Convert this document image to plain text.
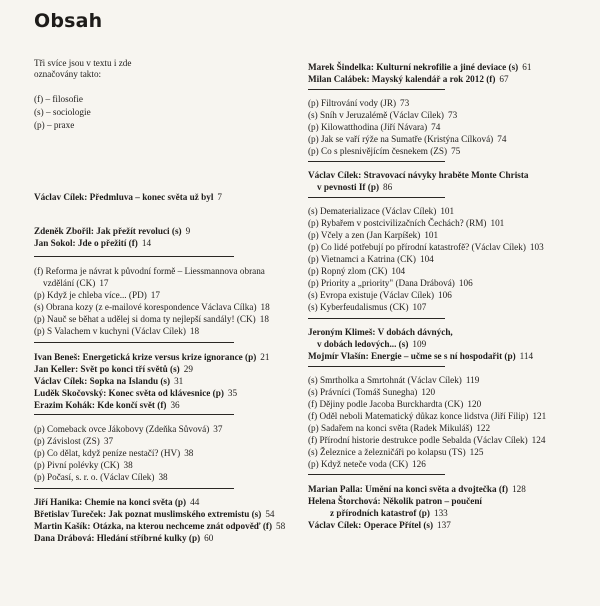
Obsah
Tři svíce jsou v textu i zde
označovány takto:
(f) – filosofie
(s) – sociologie
(p) – praxe
Václav Cílek: Předmluva – konec světa už byl 7
Zdeněk Zbořil: Jak přežít revoluci (s) 9
Jan Sokol: Jde o přežití (f) 14
(f) Reforma je návrat k původní formě – Liessmannova obrana
vzdělání (CK) 17
(p) Když je chleba více... (PD) 17
(s) Obrana kozy (z e-mailové korespondence Václava Cílka) 18
(p) Nauč se běhat a udělej si doma ty nejlepší sandály! (CK) 18
(p) S Valachem v kuchyni (Václav Cílek) 18
Ivan Beneš: Energetická krize versus krize ignorance (p) 21
Jan Keller: Svět po konci tří světů (s) 29
Václav Cílek: Sopka na Islandu (s) 31
Luděk Skočovský: Konec světa od klávesnice (p) 35
Erazim Kohák: Kde končí svět (f) 36
(p) Comeback ovce Jákobovy (Zdeňka Sůvová) 37
(p) Závislost (ZS) 37
(p) Co dělat, když peníze nestačí? (HV) 38
(p) Pivní polévky (CK) 38
(p) Počasí, s. r. o. (Václav Cílek) 38
Jiří Hanika: Chemie na konci světa (p) 44
Břetislav Tureček: Jak poznat muslimského extremistu (s) 54
Martin Kašík: Otázka, na kterou nechceme znát odpověď (f) 58
Dana Drábová: Hledání stříbrné kulky (p) 60
Marek Šindelka: Kulturní nekrofilie a jiné deviace (s) 61
Milan Calábek: Mayský kalendář a rok 2012 (f) 67
(p) Filtrování vody (JR) 73
(s) Sníh v Jeruzalémě (Václav Cílek) 73
(p) Kilowatthodina (Jiří Návara) 74
(p) Jak se vaří rýže na Sumatře (Kristýna Cílková) 74
(p) Co s plesnivějícím česnekem (ZS) 75
Václav Cílek: Stravovací návyky hraběte Monte Christa
v pevnosti If (p) 86
(s) Dematerializace (Václav Cílek) 101
(p) Rybařem v postcivilizačních Čechách? (RM) 101
(p) Včely a zen (Jan Karpíšek) 101
(p) Co lidé potřebují po přírodní katastrofě? (Václav Cílek) 103
(p) Vietnamci a Katrina (CK) 104
(p) Ropný zlom (CK) 104
(p) Priority a „priority" (Dana Drábová) 106
(s) Evropa existuje (Václav Cílek) 106
(s) Kyberfeudalismus (CK) 107
Jeroným Klimeš: V dobách dávných,
v dobách ledových... (s) 109
Mojmír Vlašín: Energie – učme se s ní hospodařit (p) 114
(s) Smrtholka a Smrtohnát (Václav Cílek) 119
(s) Právníci (Tomáš Sunegha) 120
(f) Dějiny podle Jacoba Burckhardta (CK) 120
(f) Oděl neboli Matematický důkaz konce lidstva (Jiří Filip) 121
(p) Sadařem na konci světa (Radek Mikuláš) 122
(f) Přírodní historie destrukce podle Sebalda (Václav Cílek) 124
(s) Železnice a železničáři po kolapsu (TS) 125
(p) Když neteče voda (CK) 126
Marian Palla: Umění na konci světa a dvojtečka (f) 128
Helena Štorchová: Několik patron – poučení
z přírodních katastrof (p) 133
Václav Cílek: Operace Přítel (s) 137
